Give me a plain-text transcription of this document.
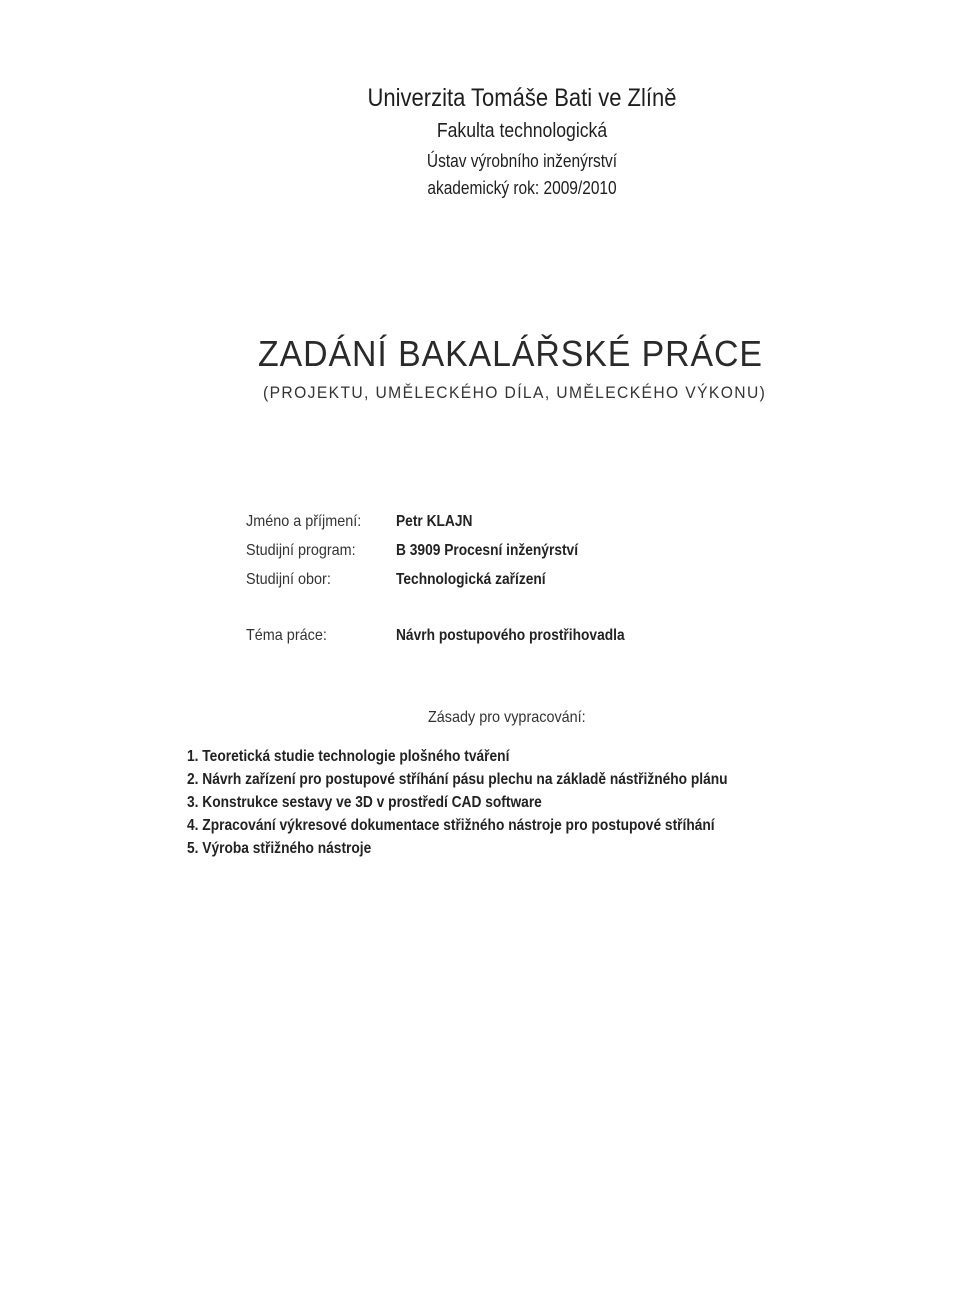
Univerzita Tomáše Bati ve Zlíně
Fakulta technologická
Ústav výrobního inženýrství
akademický rok: 2009/2010
ZADÁNÍ BAKALÁŘSKÉ PRÁCE
(PROJEKTU, UMĚLECKÉHO DÍLA, UMĚLECKÉHO VÝKONU)
Jméno a příjmení: Petr KLAJN
Studijní program:	B 3909 Procesní inženýrství
Studijní obor:	Technologická zařízení
Téma práce:	Návrh postupového prostřihovadla
Zásady pro vypracování:
1. Teoretická studie technologie plošného tváření
2. Návrh zařízení pro postupové stříhání pásu plechu na základě nástřižného plánu
3. Konstrukce sestavy ve 3D v prostředí CAD software
4. Zpracování výkresové dokumentace střižného nástroje pro postupové stříhání
5. Výroba střižného nástroje
